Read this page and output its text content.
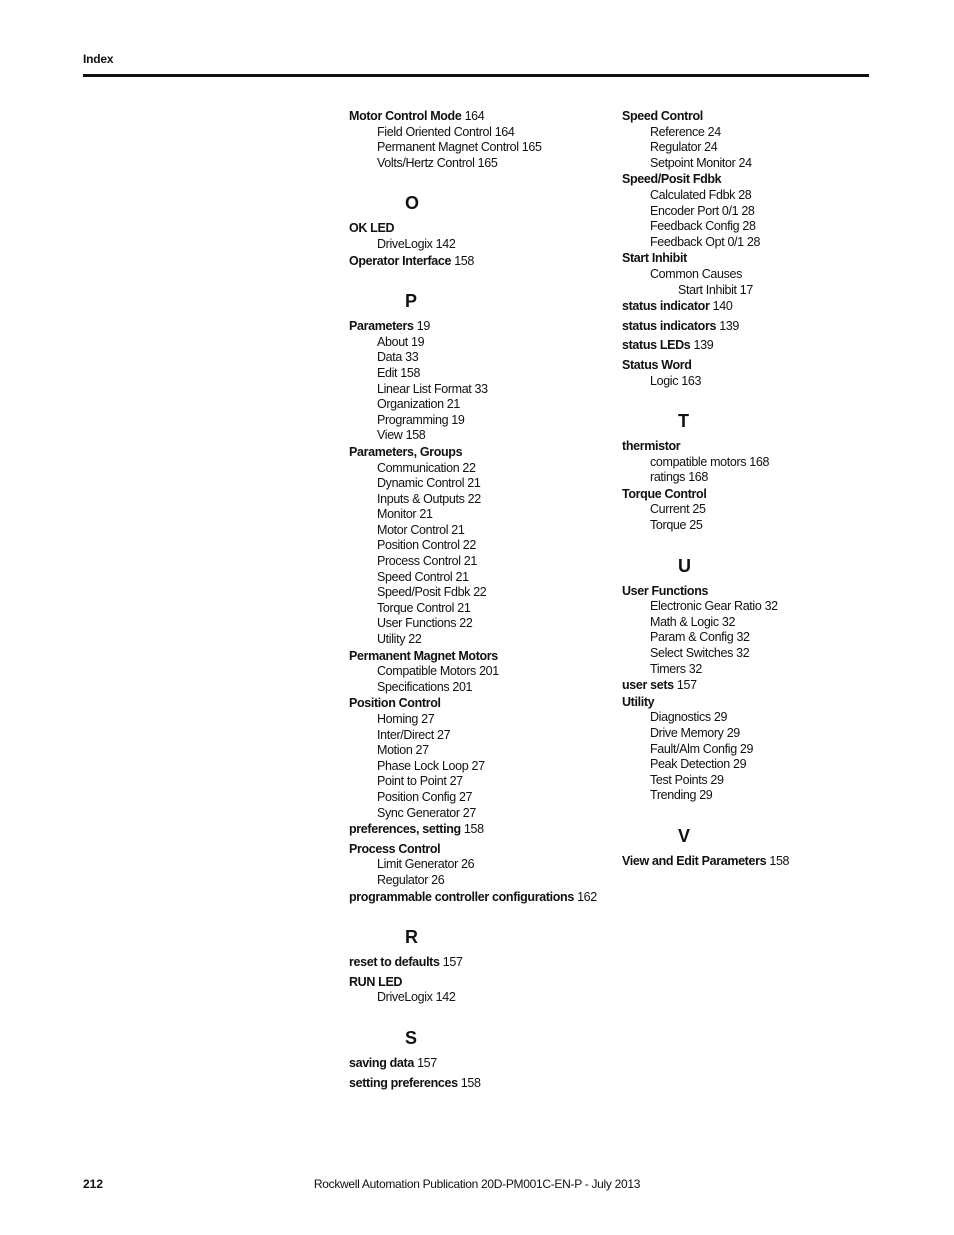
Index
Motor Control Mode 164
Field Oriented Control 164
Permanent Magnet Control 165
Volts/Hertz Control 165
O
OK LED
DriveLogix 142
Operator Interface 158
P
Parameters 19
About 19
Data 33
Edit 158
Linear List Format 33
Organization 21
Programming 19
View 158
Parameters, Groups
Communication 22
Dynamic Control 21
Inputs & Outputs 22
Monitor 21
Motor Control 21
Position Control 22
Process Control 21
Speed Control 21
Speed/Posit Fdbk 22
Torque Control 21
User Functions 22
Utility 22
Permanent Magnet Motors
Compatible Motors 201
Specifications 201
Position Control
Homing 27
Inter/Direct 27
Motion 27
Phase Lock Loop 27
Point to Point 27
Position Config 27
Sync Generator 27
preferences, setting 158
Process Control
Limit Generator 26
Regulator 26
programmable controller configurations 162
R
reset to defaults 157
RUN LED
DriveLogix 142
S
saving data 157
setting preferences 158
Speed Control
Reference 24
Regulator 24
Setpoint Monitor 24
Speed/Posit Fdbk
Calculated Fdbk 28
Encoder Port 0/1 28
Feedback Config 28
Feedback Opt 0/1 28
Start Inhibit
Common Causes
Start Inhibit 17
status indicator 140
status indicators 139
status LEDs 139
Status Word
Logic 163
T
thermistor
compatible motors 168
ratings 168
Torque Control
Current 25
Torque 25
U
User Functions
Electronic Gear Ratio 32
Math & Logic 32
Param & Config 32
Select Switches 32
Timers 32
user sets 157
Utility
Diagnostics 29
Drive Memory 29
Fault/Alm Config 29
Peak Detection 29
Test Points 29
Trending 29
V
View and Edit Parameters 158
212	Rockwell Automation Publication 20D-PM001C-EN-P - July 2013
